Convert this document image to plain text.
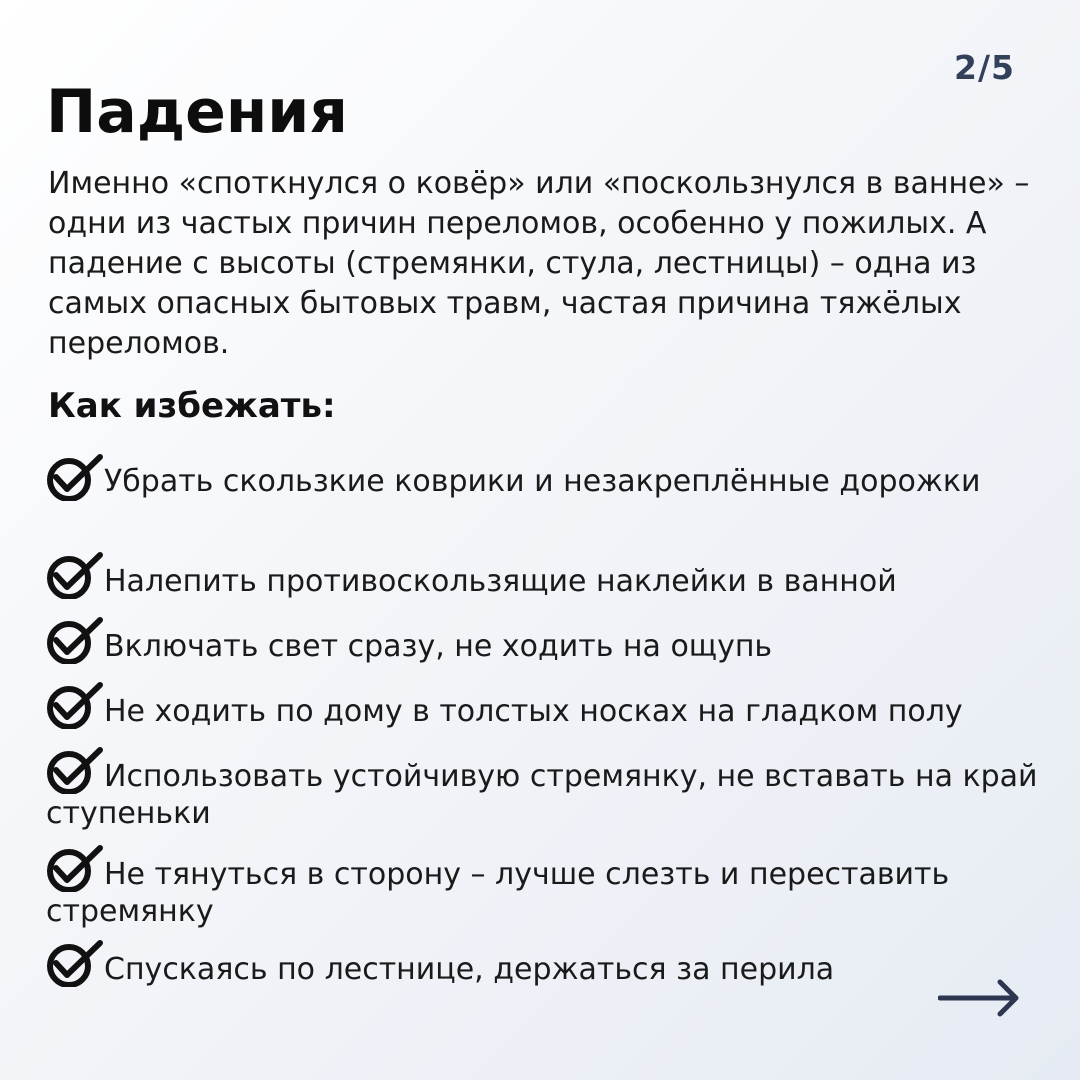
2/5
Падения

Именно «споткнулся о ковёр» или «поскользнулся в ванне» – одни из частых причин переломов, особенно у пожилых. А падение с высоты (стремянки, стула, лестницы) – одна из самых опасных бытовых травм, частая причина тяжёлых переломов.

Как избежать:
Убрать скользкие коврики и незакреплённые дорожки
Налепить противоскользящие наклейки в ванной
Включать свет сразу, не ходить на ощупь
Не ходить по дому в толстых носках на гладком полу
Использовать устойчивую стремянку, не вставать на край ступеньки
Не тянуться в сторону – лучше слезть и переставить стремянку
Спускаясь по лестнице, держаться за перила
